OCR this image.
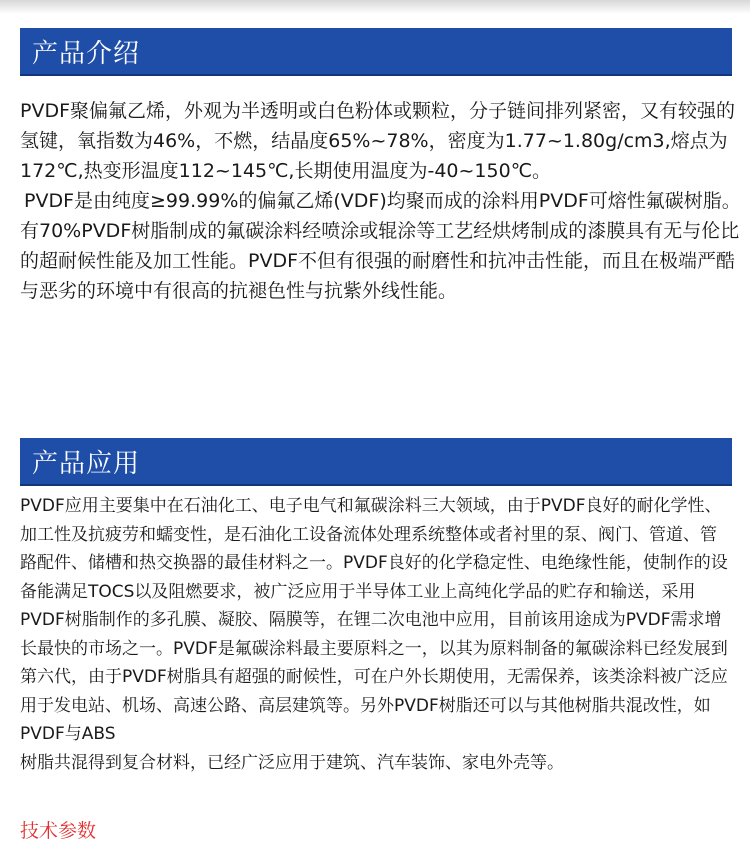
产品介绍
PVDF聚偏氟乙烯，外观为半透明或白色粉体或颗粒，分子链间排列紧密，又有较强的
氢键，氧指数为46%，不燃，结晶度65%~78%，密度为1.77~1.80g/cm3,熔点为
172℃,热变形温度112~145℃,长期使用温度为-40~150℃。
PVDF是由纯度≥99.99%的偏氟乙烯(VDF)均聚而成的涂料用PVDF可熔性氟碳树脂。
有70%PVDF树脂制成的氟碳涂料经喷涂或辊涂等工艺经烘烤制成的漆膜具有无与伦比
的超耐候性能及加工性能。PVDF不但有很强的耐磨性和抗冲击性能，而且在极端严酷
与恶劣的环境中有很高的抗褪色性与抗紫外线性能。
产品应用
PVDF应用主要集中在石油化工、电子电气和氟碳涂料三大领域，由于PVDF良好的耐化学性、
加工性及抗疲劳和蠕变性，是石油化工设备流体处理系统整体或者衬里的泵、阀门、管道、管
路配件、储槽和热交换器的最佳材料之一。PVDF良好的化学稳定性、电绝缘性能，使制作的设
备能满足TOCS以及阻燃要求，被广泛应用于半导体工业上高纯化学品的贮存和输送，采用
PVDF树脂制作的多孔膜、凝胶、隔膜等，在锂二次电池中应用，目前该用途成为PVDF需求增
长最快的市场之一。PVDF是氟碳涂料最主要原料之一，以其为原料制备的氟碳涂料已经发展到
第六代，由于PVDF树脂具有超强的耐候性，可在户外长期使用，无需保养，该类涂料被广泛应
用于发电站、机场、高速公路、高层建筑等。另外PVDF树脂还可以与其他树脂共混改性，如
PVDF与ABS
树脂共混得到复合材料，已经广泛应用于建筑、汽车装饰、家电外壳等。
技术参数
